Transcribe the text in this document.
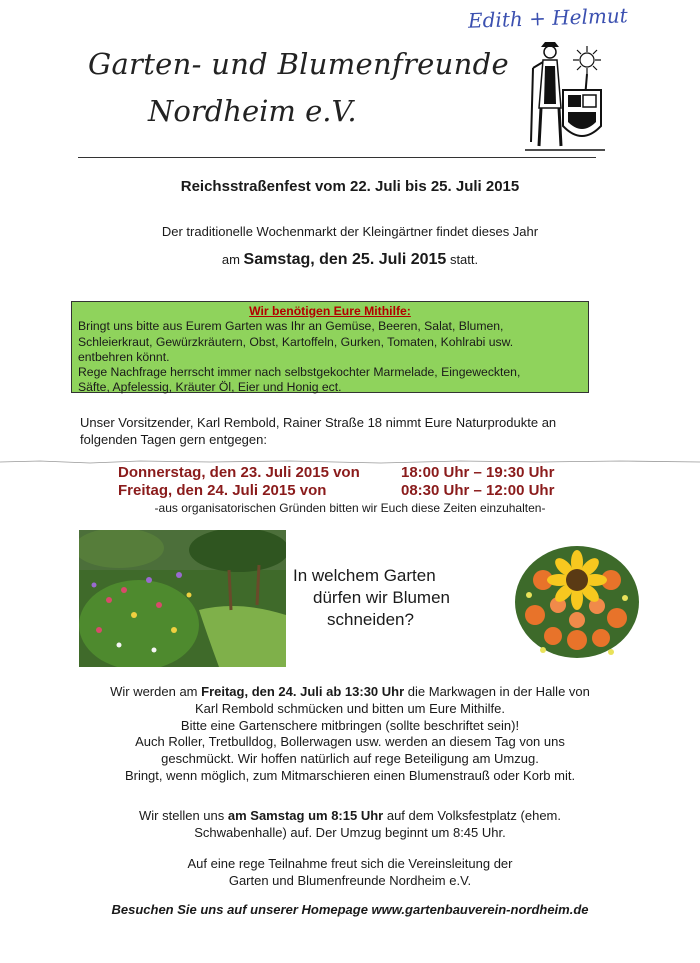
Edith + Helmut
Garten- und Blumenfreunde
Nordheim e.V.
Reichsstraßenfest vom 22. Juli bis 25. Juli 2015
Der traditionelle Wochenmarkt der Kleingärtner findet dieses Jahr
am Samstag, den 25. Juli 2015 statt.
Wir benötigen Eure Mithilfe:
Bringt uns bitte aus Eurem Garten was Ihr an Gemüse, Beeren, Salat, Blumen,
Schleierkraut, Gewürzkräutern, Obst, Kartoffeln, Gurken, Tomaten, Kohlrabi usw.
entbehren könnt.
Rege Nachfrage herrscht immer nach selbstgekochter Marmelade, Eingeweckten,
Säfte, Apfelessig, Kräuter Öl, Eier und Honig ect.
Unser Vorsitzender, Karl Rembold, Rainer Straße 18 nimmt Eure Naturprodukte an
folgenden Tagen gern entgegen:
Donnerstag, den 23. Juli 2015 von	18:00 Uhr – 19:30 Uhr
Freitag, den 24. Juli 2015 von	08:30 Uhr – 12:00 Uhr
-aus organisatorischen Gründen bitten wir Euch diese Zeiten einzuhalten-
In welchem Garten
dürfen wir Blumen
schneiden?
Wir werden am Freitag, den 24. Juli ab 13:30 Uhr die Markwagen in der Halle von
Karl Rembold schmücken und bitten um Eure Mithilfe.
Bitte eine Gartenschere mitbringen (sollte beschriftet sein)!
Auch Roller, Tretbulldog, Bollerwagen usw. werden an diesem Tag von uns
geschmückt. Wir hoffen natürlich auf rege Beteiligung am Umzug.
Bringt, wenn möglich, zum Mitmarschieren einen Blumenstrauß oder Korb mit.
Wir stellen uns am Samstag um 8:15 Uhr auf dem Volksfestplatz (ehem.
Schwabenhalle) auf. Der Umzug beginnt um 8:45 Uhr.
Auf eine rege Teilnahme freut sich die Vereinsleitung der
Garten und Blumenfreunde Nordheim e.V.
Besuchen Sie uns auf unserer Homepage www.gartenbauverein-nordheim.de
